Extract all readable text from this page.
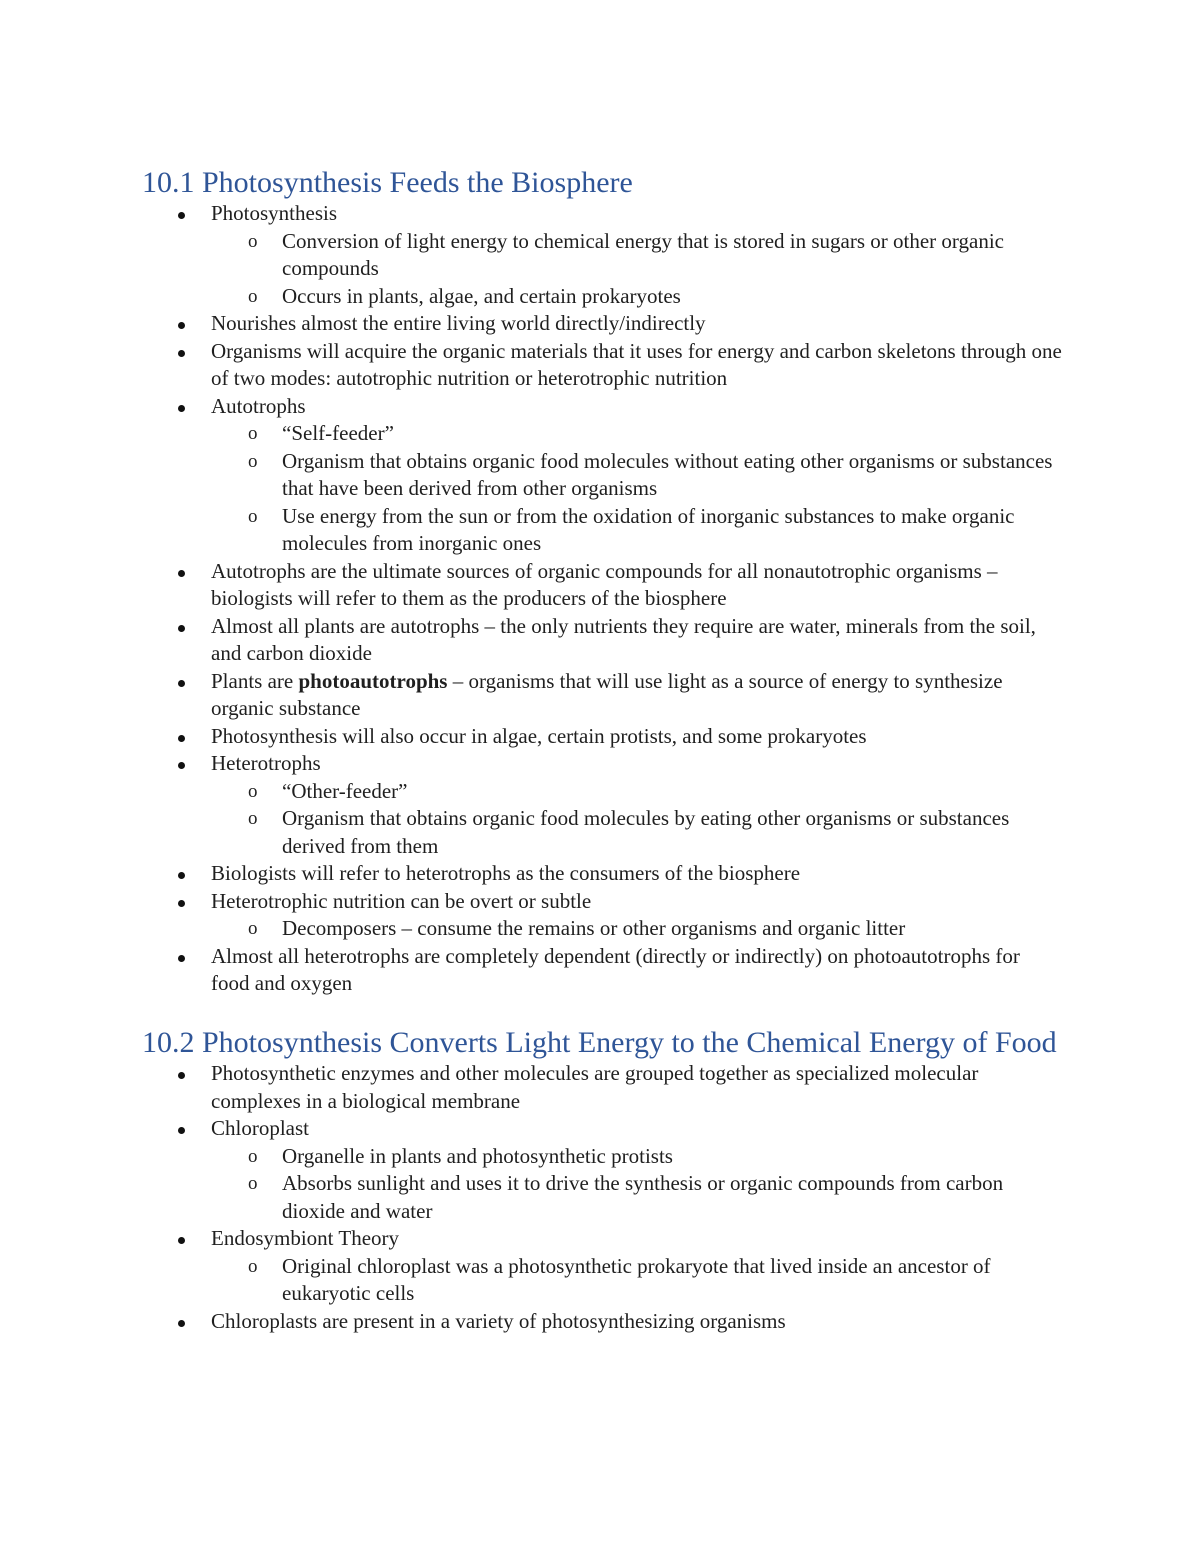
10.1 Photosynthesis Feeds the Biosphere
Photosynthesis
o Conversion of light energy to chemical energy that is stored in sugars or other organic compounds
o Occurs in plants, algae, and certain prokaryotes
Nourishes almost the entire living world directly/indirectly
Organisms will acquire the organic materials that it uses for energy and carbon skeletons through one of two modes: autotrophic nutrition or heterotrophic nutrition
Autotrophs
o “Self-feeder”
o Organism that obtains organic food molecules without eating other organisms or substances that have been derived from other organisms
o Use energy from the sun or from the oxidation of inorganic substances to make organic molecules from inorganic ones
Autotrophs are the ultimate sources of organic compounds for all nonautotrophic organisms – biologists will refer to them as the producers of the biosphere
Almost all plants are autotrophs – the only nutrients they require are water, minerals from the soil, and carbon dioxide
Plants are photoautotrophs – organisms that will use light as a source of energy to synthesize organic substance
Photosynthesis will also occur in algae, certain protists, and some prokaryotes
Heterotrophs
o “Other-feeder”
o Organism that obtains organic food molecules by eating other organisms or substances derived from them
Biologists will refer to heterotrophs as the consumers of the biosphere
Heterotrophic nutrition can be overt or subtle
o Decomposers – consume the remains or other organisms and organic litter
Almost all heterotrophs are completely dependent (directly or indirectly) on photoautotrophs for food and oxygen
10.2 Photosynthesis Converts Light Energy to the Chemical Energy of Food
Photosynthetic enzymes and other molecules are grouped together as specialized molecular complexes in a biological membrane
Chloroplast
o Organelle in plants and photosynthetic protists
o Absorbs sunlight and uses it to drive the synthesis or organic compounds from carbon dioxide and water
Endosymbiont Theory
o Original chloroplast was a photosynthetic prokaryote that lived inside an ancestor of eukaryotic cells
Chloroplasts are present in a variety of photosynthesizing organisms
